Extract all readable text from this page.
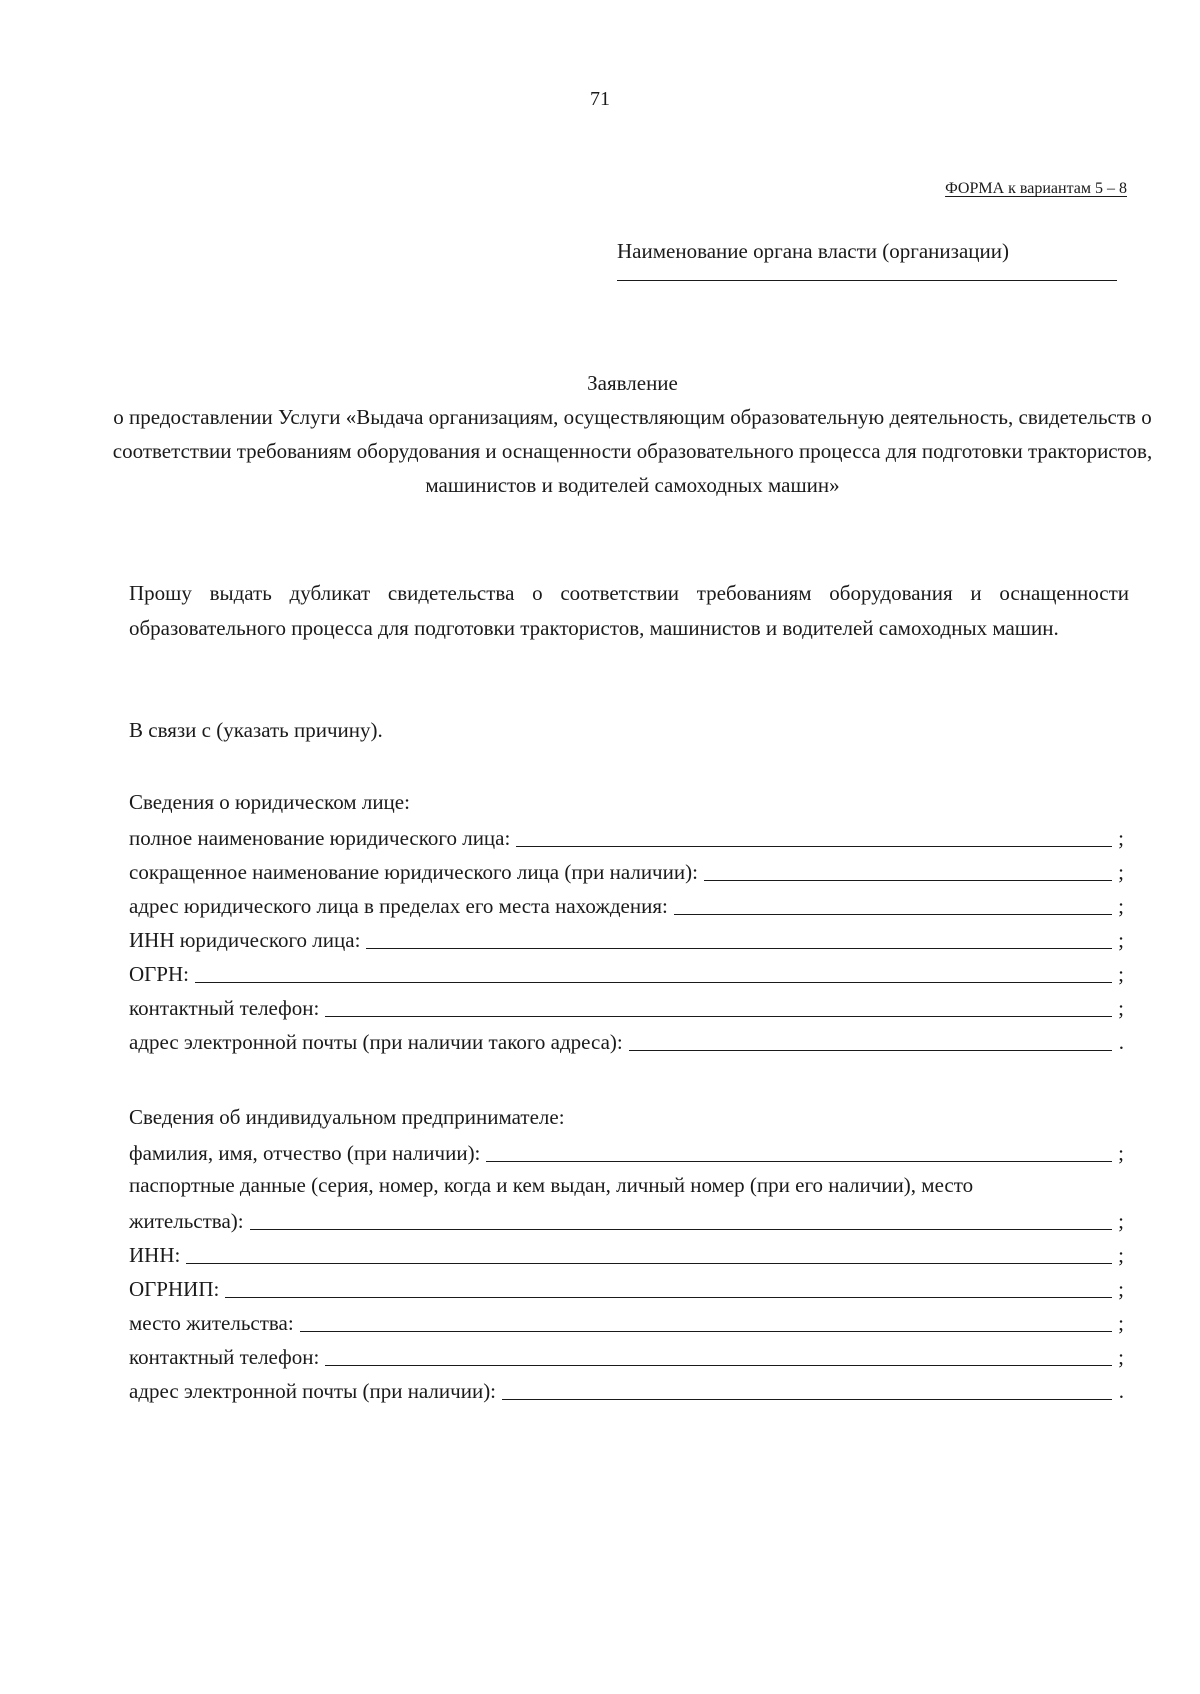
71
ФОРМА к вариантам 5 – 8
Наименование органа власти (организации)
Заявление
о предоставлении Услуги «Выдача организациям, осуществляющим образовательную деятельность, свидетельств о соответствии требованиям оборудования и оснащенности образовательного процесса для подготовки трактористов, машинистов и водителей самоходных машин»
Прошу выдать дубликат свидетельства о соответствии требованиям оборудования и оснащенности образовательного процесса для подготовки трактористов, машинистов и водителей самоходных машин.
В связи с (указать причину).
Сведения о юридическом лице:
полное наименование юридического лица:	;
сокращенное наименование юридического лица (при наличии):	;
адрес юридического лица в пределах его места нахождения:	;
ИНН юридического лица:	;
ОГРН:	;
контактный телефон:	;
адрес электронной почты (при наличии такого адреса):	.
Сведения об индивидуальном предпринимателе:
фамилия, имя, отчество (при наличии):	;
паспортные данные (серия, номер, когда и кем выдан, личный номер (при его наличии), место
жительства):	;
ИНН:	;
ОГРНИП:	;
место жительства:	;
контактный телефон:	;
адрес электронной почты (при наличии):	.
